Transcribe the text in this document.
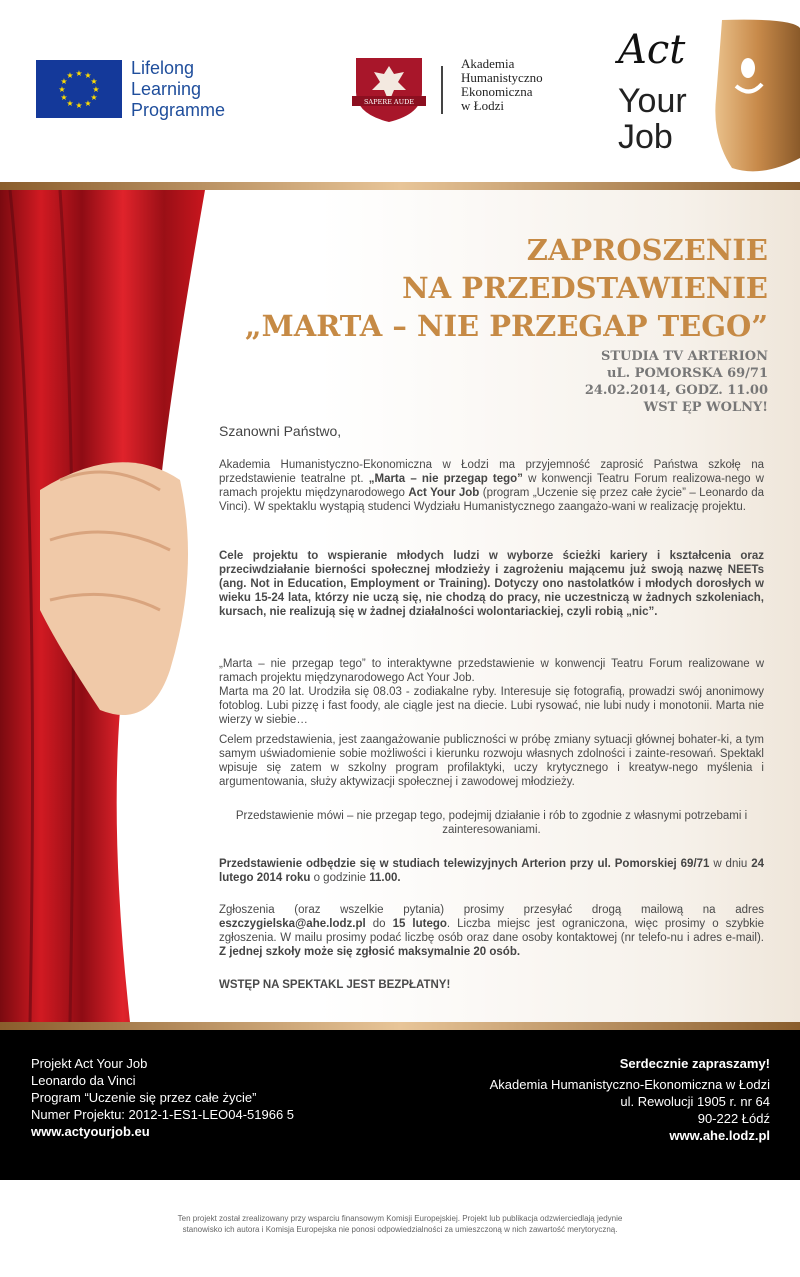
★ ★
★
★
★
★
★
★
★
★
★
★	Lifelong
Learning
Programme	SAPERE AUDE
Akademia
Humanistyczno
Ekonomiczna
w Łodzi
Act
Your
Job
ZAPROSZENIE
NA PRZEDSTAWIENIE
„MARTA – NIE PRZEGAP TEGO”
STUDIA TV ARTERION
uL. POMORSKA 69/71
24.02.2014, GODZ. 11.00
WST ĘP WOLNY!
Szanowni Państwo,
Akademia Humanistyczno-Ekonomiczna w Łodzi ma przyjemność zaprosić Państwa szkołę na przedstawienie teatralne pt. „Marta – nie przegap tego” w konwencji Teatru Forum realizowa-nego w ramach projektu międzynarodowego Act Your Job (program „Uczenie się przez całe życie” – Leonardo da Vinci). W spektaklu wystąpią studenci Wydziału Humanistycznego zaangażo-wani w realizację projektu.
Cele projektu to wspieranie młodych ludzi w wyborze ścieżki kariery i kształcenia oraz przeciwdziałanie bierności społecznej młodzieży i zagrożeniu mającemu już swoją nazwę NEETs (ang. Not in Education, Employment or Training). Dotyczy ono nastolatków i młodych dorosłych w wieku 15-24 lata, którzy nie uczą się, nie chodzą do pracy, nie uczestniczą w żadnych szkoleniach, kursach, nie realizują się w żadnej działalności wolontariackiej, czyli robią „nic”.
„Marta – nie przegap tego” to interaktywne przedstawienie w konwencji Teatru Forum realizowane w ramach projektu międzynarodowego Act Your Job.
Marta ma 20 lat. Urodziła się 08.03 - zodiakalne ryby. Interesuje się fotografią, prowadzi swój anonimowy fotoblog. Lubi pizzę i fast foody, ale ciągle jest na diecie. Lubi rysować, nie lubi nudy i monotonii. Marta nie wierzy w siebie…
Celem przedstawienia, jest zaangażowanie publiczności w próbę zmiany sytuacji głównej bohater-ki, a tym samym uświadomienie sobie możliwości i kierunku rozwoju własnych zdolności i zainte-resowań. Spektakl wpisuje się zatem w szkolny program profilaktyki, uczy krytycznego i kreatyw-nego myślenia i argumentowania, służy aktywizacji społecznej i zawodowej młodzieży.
Przedstawienie mówi – nie przegap tego, podejmij działanie i rób to zgodnie z własnymi potrzebami i zainteresowaniami.
Przedstawienie odbędzie się w studiach telewizyjnych Arterion przy ul. Pomorskiej 69/71 w dniu 24 lutego 2014 roku o godzinie 11.00.
Zgłoszenia (oraz wszelkie pytania) prosimy przesyłać drogą mailową na adres eszczygielska@ahe.lodz.pl do 15 lutego. Liczba miejsc jest ograniczona, więc prosimy o szybkie zgłoszenia. W mailu prosimy podać liczbę osób oraz dane osoby kontaktowej (nr telefo-nu i adres e-mail). Z jednej szkoły może się zgłosić maksymalnie 20 osób.
WSTĘP NA SPEKTAKL JEST BEZPŁATNY!
Projekt Act Your Job
Leonardo da Vinci
Program “Uczenie się przez całe życie”
Numer Projektu: 2012-1-ES1-LEO04-51966 5
www.actyourjob.eu
Serdecznie zapraszamy!
Akademia Humanistyczno-Ekonomiczna w Łodzi
ul. Rewolucji 1905 r. nr 64
90-222 Łódź
www.ahe.lodz.pl
Ten projekt został zrealizowany przy wsparciu finansowym Komisji Europejskiej. Projekt lub publikacja odzwierciedlają jedynie
stanowisko ich autora i Komisja Europejska nie ponosi odpowiedzialności za umieszczoną w nich zawartość merytoryczną.
